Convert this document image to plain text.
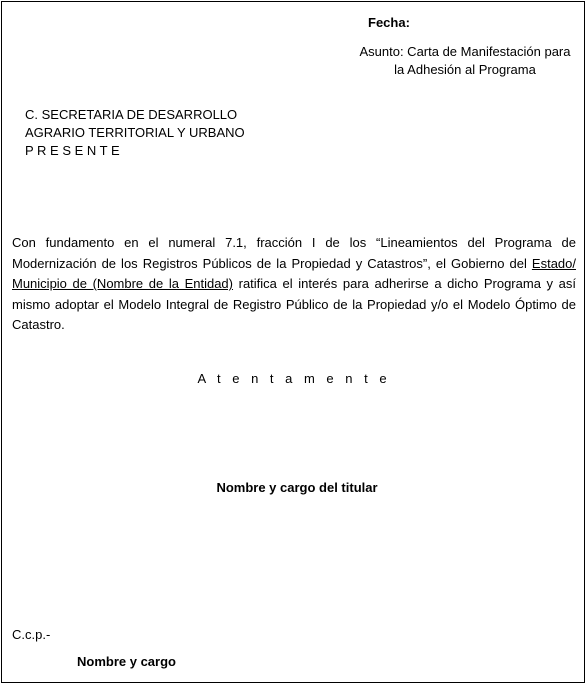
Fecha:
Asunto: Carta de Manifestación para
la Adhesión al Programa
C. SECRETARIA DE DESARROLLO
AGRARIO TERRITORIAL Y URBANO
P R E S E N T E
Con fundamento en el numeral 7.1, fracción I de los “Lineamientos del Programa de Modernización de los Registros Públicos de la Propiedad y Catastros”, el Gobierno del Estado/ Municipio de (Nombre de la Entidad) ratifica el interés para adherirse a dicho Programa y así mismo adoptar el Modelo Integral de Registro Público de la Propiedad y/o el Modelo Óptimo de Catastro.
A t e n t a m e n t e
Nombre y cargo del titular
C.c.p.-
Nombre y cargo
